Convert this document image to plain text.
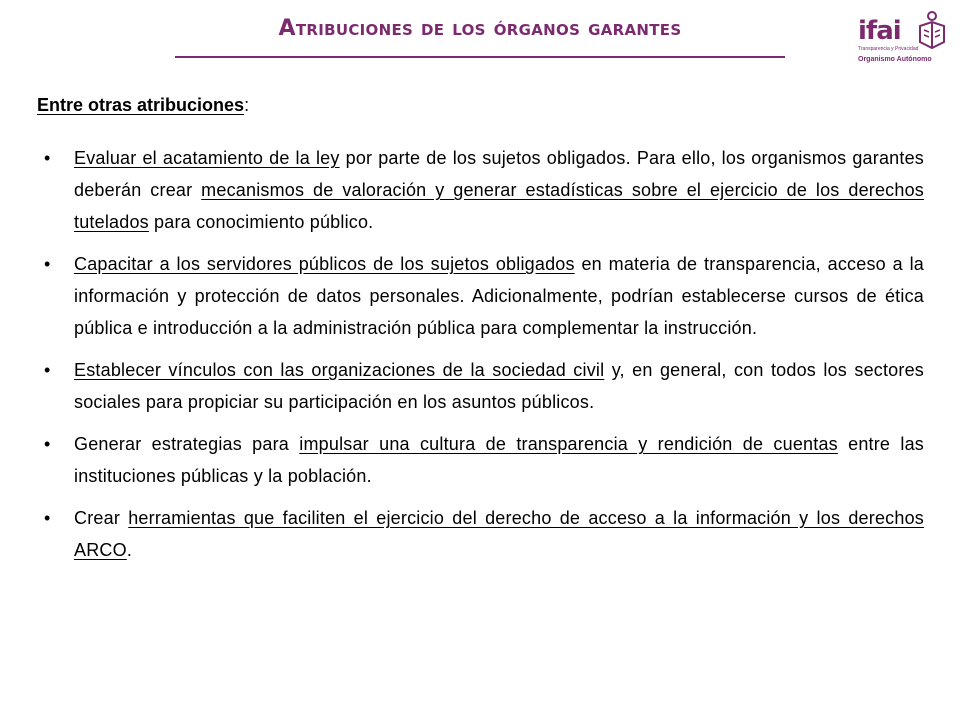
Atribuciones de los órganos garantes	ifai
Transparencia y Privacidad
Organismo Autónomo
Entre otras atribuciones:
• Evaluar el acatamiento de la ley por parte de los sujetos obligados. Para ello, los organismos garantes deberán crear mecanismos de valoración y generar estadísticas sobre el ejercicio de los derechos tutelados para conocimiento público.
• Capacitar a los servidores públicos de los sujetos obligados en materia de transparencia, acceso a la información y protección de datos personales. Adicionalmente, podrían establecerse cursos de ética pública e introducción a la administración pública para complementar la instrucción.
• Establecer vínculos con las organizaciones de la sociedad civil y, en general, con todos los sectores sociales para propiciar su participación en los asuntos públicos.
• Generar estrategias para impulsar una cultura de transparencia y rendición de cuentas entre las instituciones públicas y la población.
• Crear herramientas que faciliten el ejercicio del derecho de acceso a la información y los derechos ARCO.
